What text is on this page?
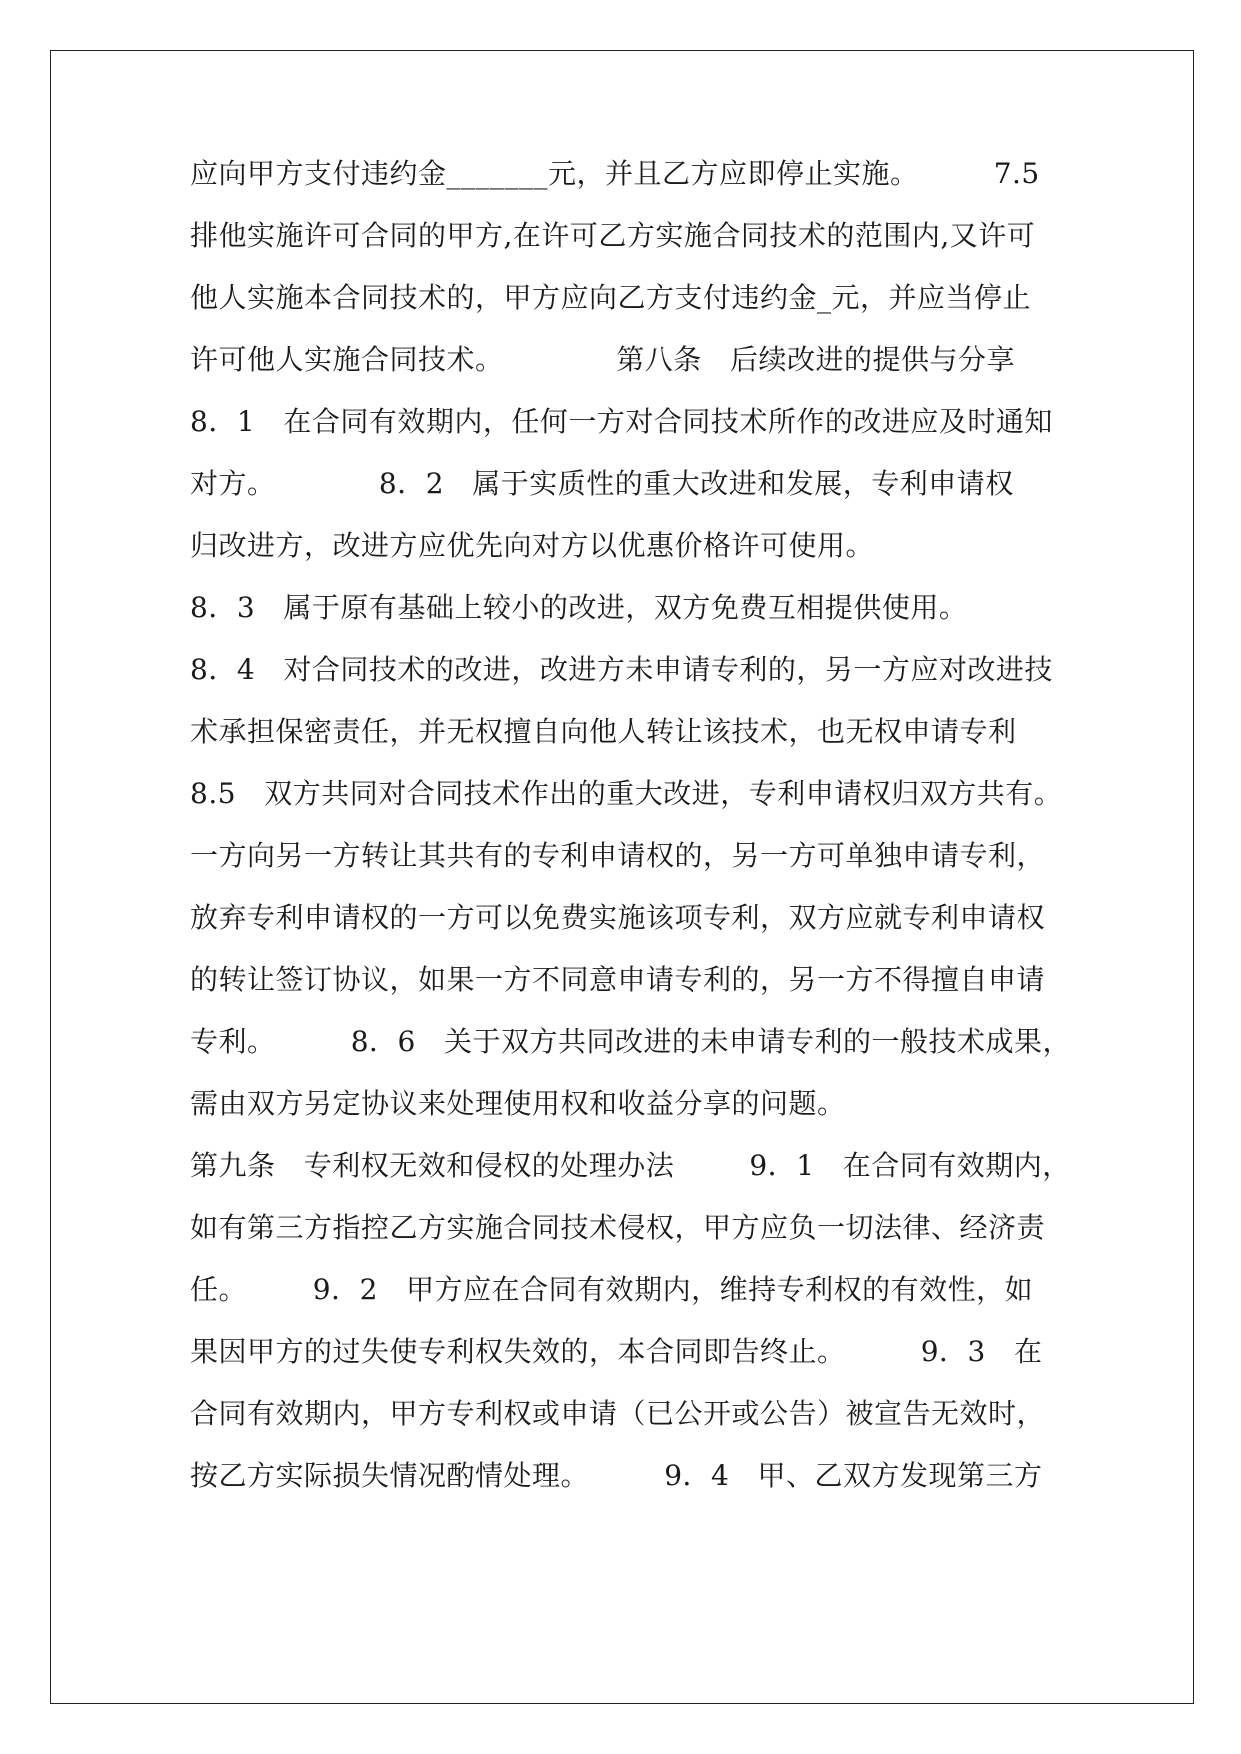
应向甲方支付违约金_______元，并且乙方应即停止实施。        7.5
排他实施许可合同的甲方,在许可乙方实施合同技术的范围内,又许可
他人实施本合同技术的，甲方应向乙方支付违约金_元，并应当停止
许可他人实施合同技术。            第八条   后续改进的提供与分享
8．1   在合同有效期内，任何一方对合同技术所作的改进应及时通知
对方。           8．2   属于实质性的重大改进和发展，专利申请权
归改进方，改进方应优先向对方以优惠价格许可使用。
8．3   属于原有基础上较小的改进，双方免费互相提供使用。
8．4   对合同技术的改进，改进方未申请专利的，另一方应对改进技
术承担保密责任，并无权擅自向他人转让该技术，也无权申请专利
8.5   双方共同对合同技术作出的重大改进，专利申请权归双方共有。
一方向另一方转让其共有的专利申请权的，另一方可单独申请专利，
放弃专利申请权的一方可以免费实施该项专利，双方应就专利申请权
的转让签订协议，如果一方不同意申请专利的，另一方不得擅自申请
专利。        8．6   关于双方共同改进的未申请专利的一般技术成果，
需由双方另定协议来处理使用权和收益分享的问题。
第九条   专利权无效和侵权的处理办法        9．1   在合同有效期内，
如有第三方指控乙方实施合同技术侵权，甲方应负一切法律、经济责
任。       9．2   甲方应在合同有效期内，维持专利权的有效性，如
果因甲方的过失使专利权失效的，本合同即告终止。        9．3   在
合同有效期内，甲方专利权或申请（已公开或公告）被宣告无效时，
按乙方实际损失情况酌情处理。        9．4   甲、乙双方发现第三方
